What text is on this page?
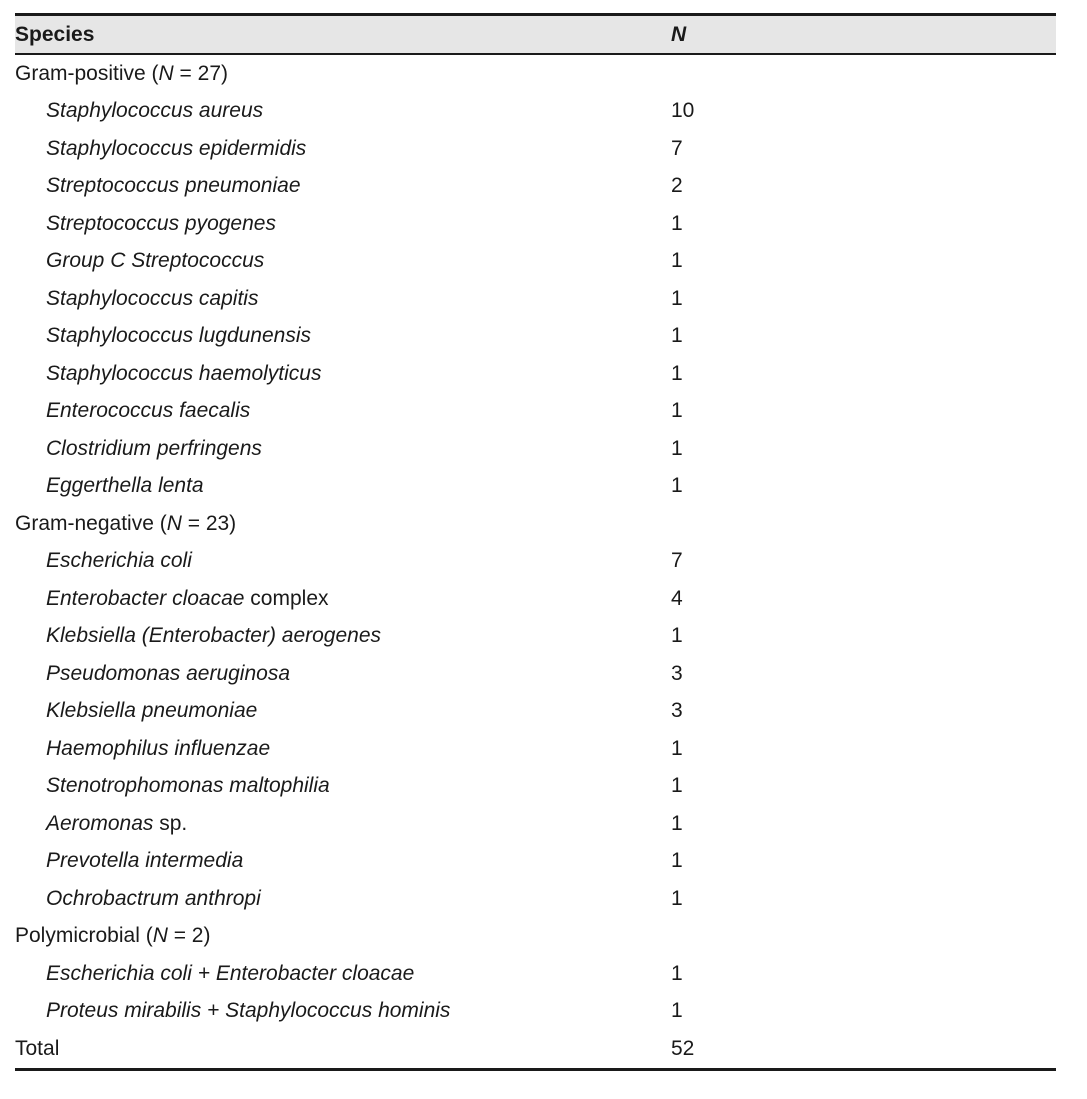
Species	N
Gram-positive (N = 27)	
Staphylococcus aureus	10
Staphylococcus epidermidis	7
Streptococcus pneumoniae	2
Streptococcus pyogenes	1
Group C Streptococcus	1
Staphylococcus capitis	1
Staphylococcus lugdunensis	1
Staphylococcus haemolyticus	1
Enterococcus faecalis	1
Clostridium perfringens	1
Eggerthella lenta	1
Gram-negative (N = 23)	
Escherichia coli	7
Enterobacter cloacae complex	4
Klebsiella (Enterobacter) aerogenes	1
Pseudomonas aeruginosa	3
Klebsiella pneumoniae	3
Haemophilus influenzae	1
Stenotrophomonas maltophilia	1
Aeromonas sp.	1
Prevotella intermedia	1
Ochrobactrum anthropi	1
Polymicrobial (N = 2)	
Escherichia coli + Enterobacter cloacae	1
Proteus mirabilis + Staphylococcus hominis	1
Total	52
